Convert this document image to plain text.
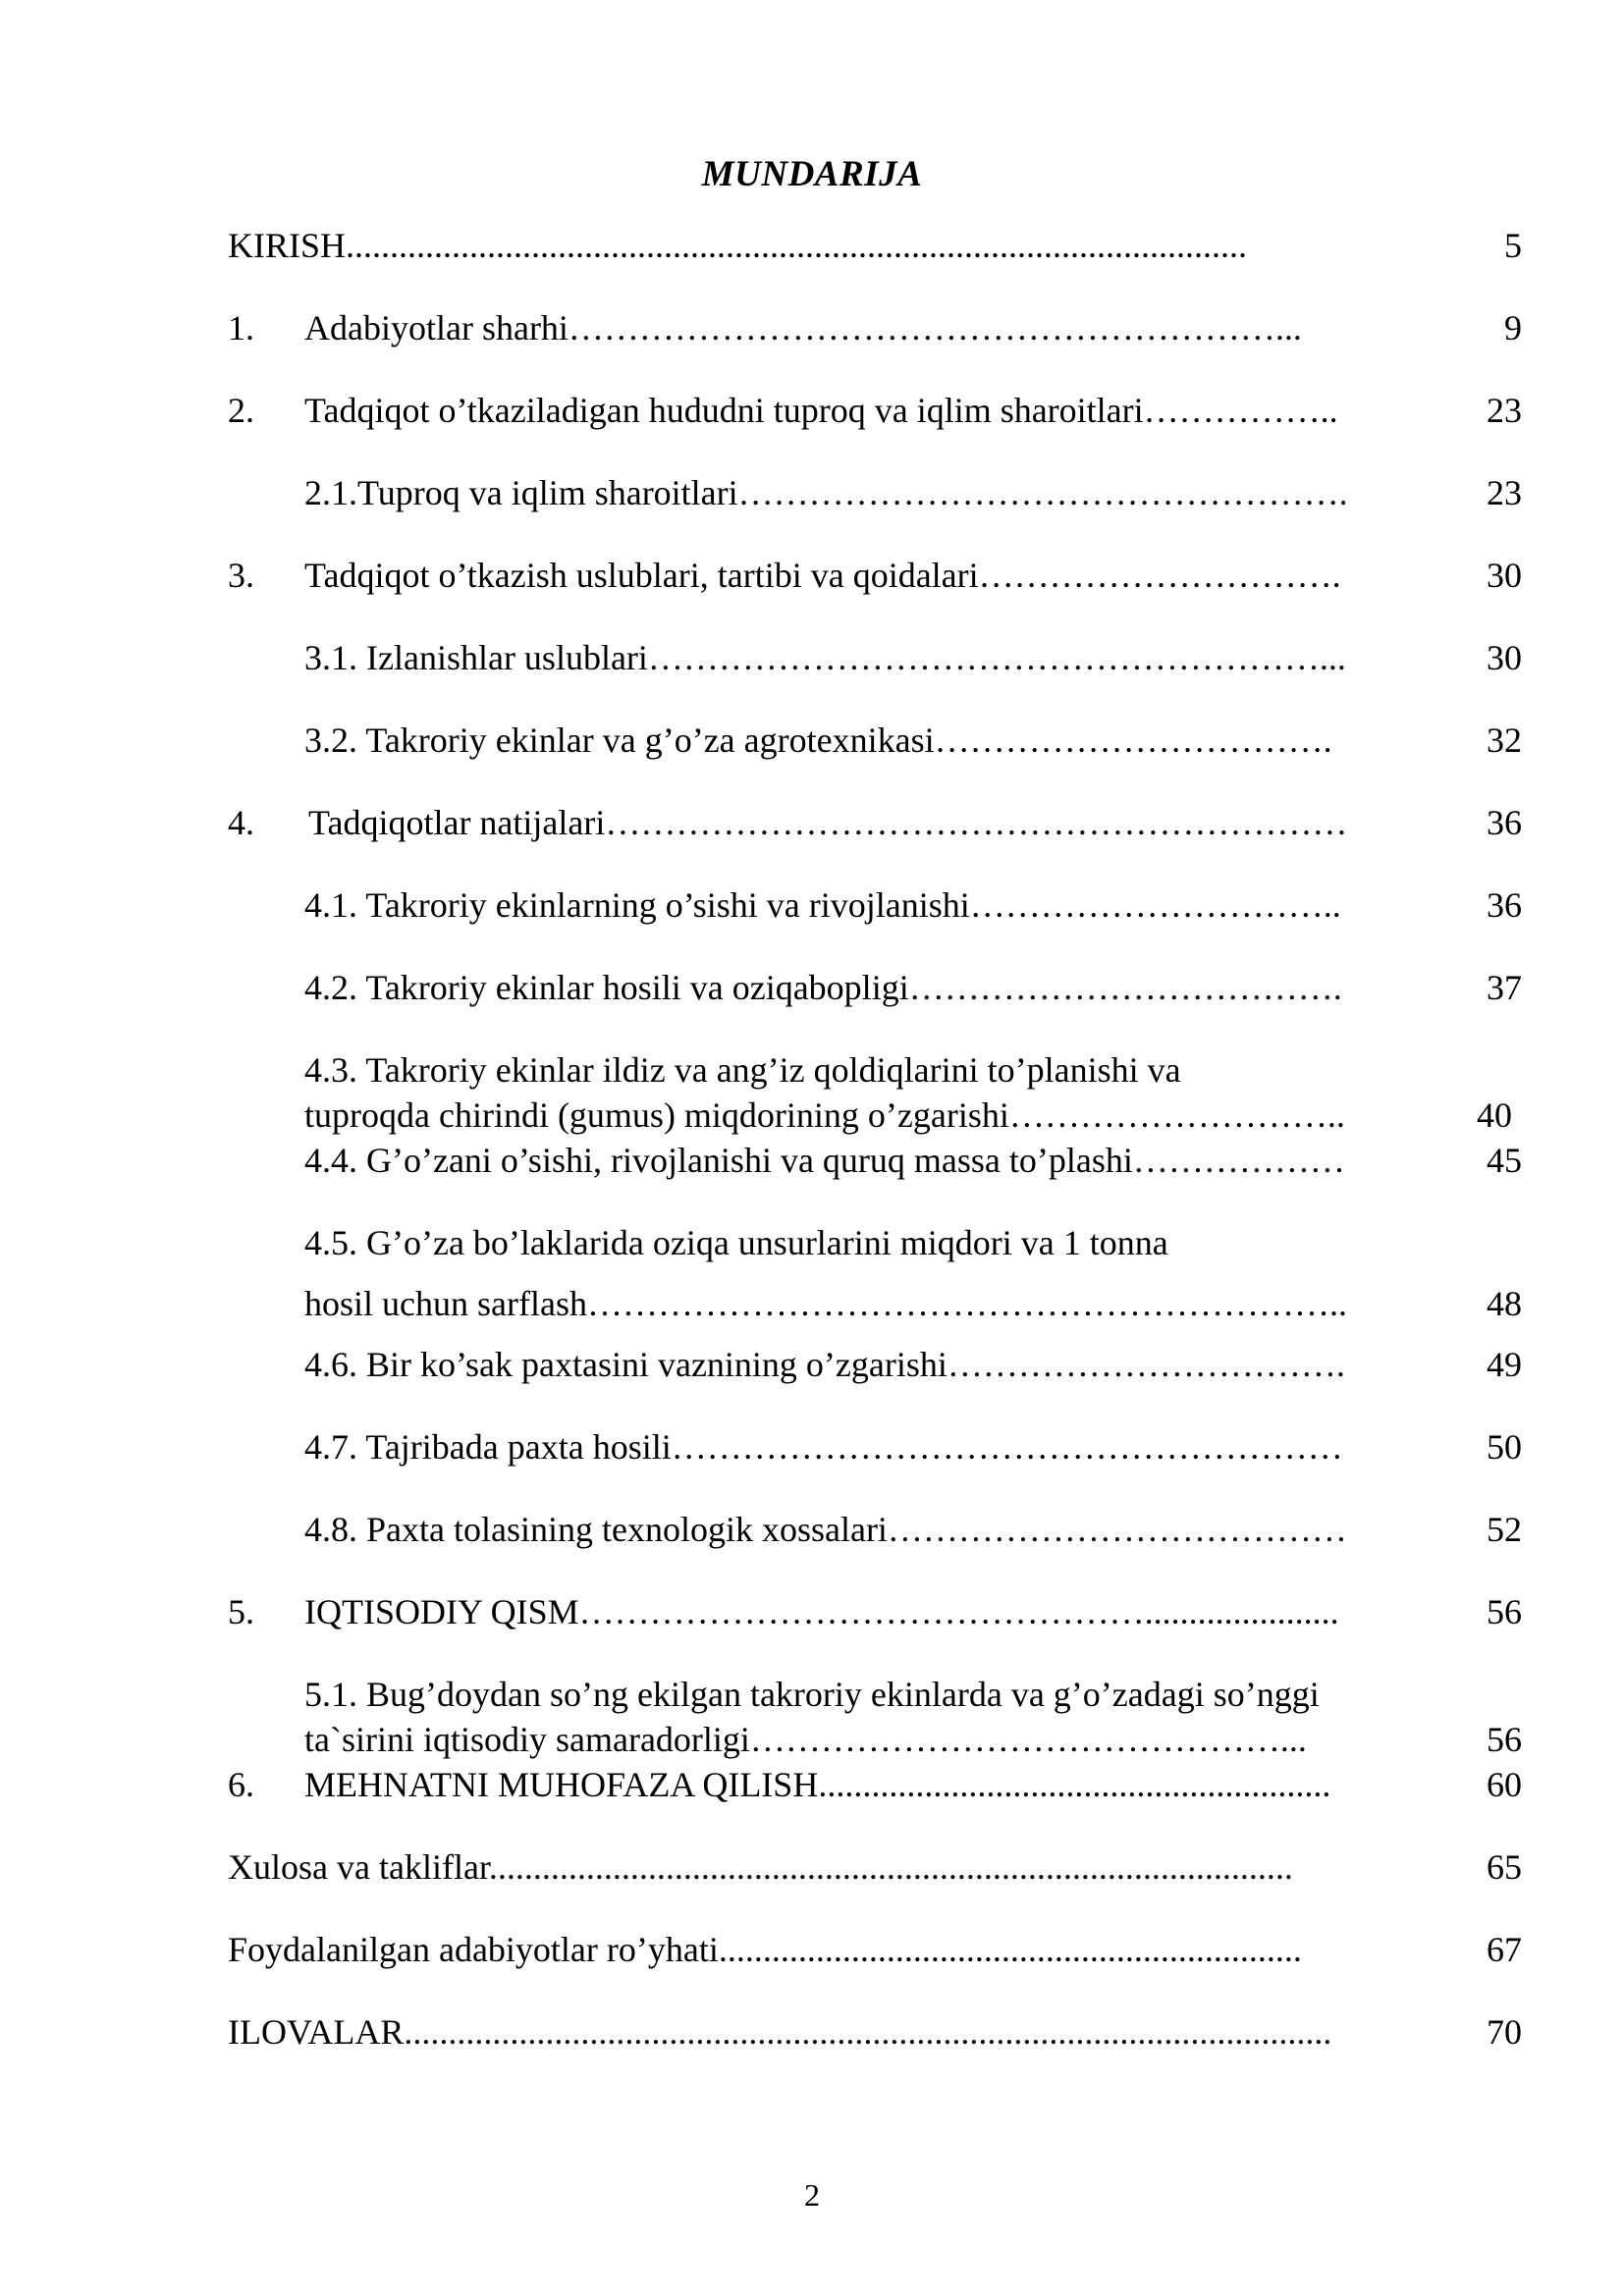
MUNDARIJA
KIRISH......................................................................................................	5
1. Adabiyotlar sharhi……………………………………………………...	9
2. Tadqiqot o’tkaziladigan hududni tuproq va iqlim sharoitlari……………..	23
2.1.Tuproq va iqlim sharoitlari…………………………………………….	23
3. Tadqiqot o’tkazish uslublari, tartibi va qoidalari………………………….	30
3.1. Izlanishlar uslublari…………………………………………………...	30
3.2. Takroriy ekinlar va g’o’za agrotexnikasi…………………………….	32
4. Tadqiqotlar natijalari………………………………………………………	36
4.1. Takroriy ekinlarning o’sishi va rivojlanishi…………………………..	36
4.2. Takroriy ekinlar hosili va oziqabopligi……………………………….	37
4.3. Takroriy ekinlar ildiz va ang’iz qoldiqlarini to’planishi va
tuproqda chirindi (gumus) miqdorining o’zgarishi………………………..	40
4.4. G’o’zani o’sishi, rivojlanishi va quruq massa to’plashi………………	45
4.5. G’o’za bo’laklarida oziqa unsurlarini miqdori va 1 tonna
hosil uchun sarflash………………………………………………………..	48
4.6. Bir ko’sak paxtasini vaznining o’zgarishi…………………………….	49
4.7. Tajribada paxta hosili…………………………………………………	50
4.8. Paxta tolasining texnologik xossalari…………………………………	52
5. IQTISODIY QISM…………………………………………......................	56
5.1. Bug’doydan so’ng ekilgan takroriy ekinlarda va g’o’zadagi so’nggi
ta`sirini iqtisodiy samaradorligi………………………………………...	56
6. MEHNATNI MUHOFAZA QILISH..........................................................	60
Xulosa va takliflar...........................................................................................	65
Foydalanilgan adabiyotlar ro’yhati..................................................................	67
ILOVALAR.........................................................................................................	70
2
